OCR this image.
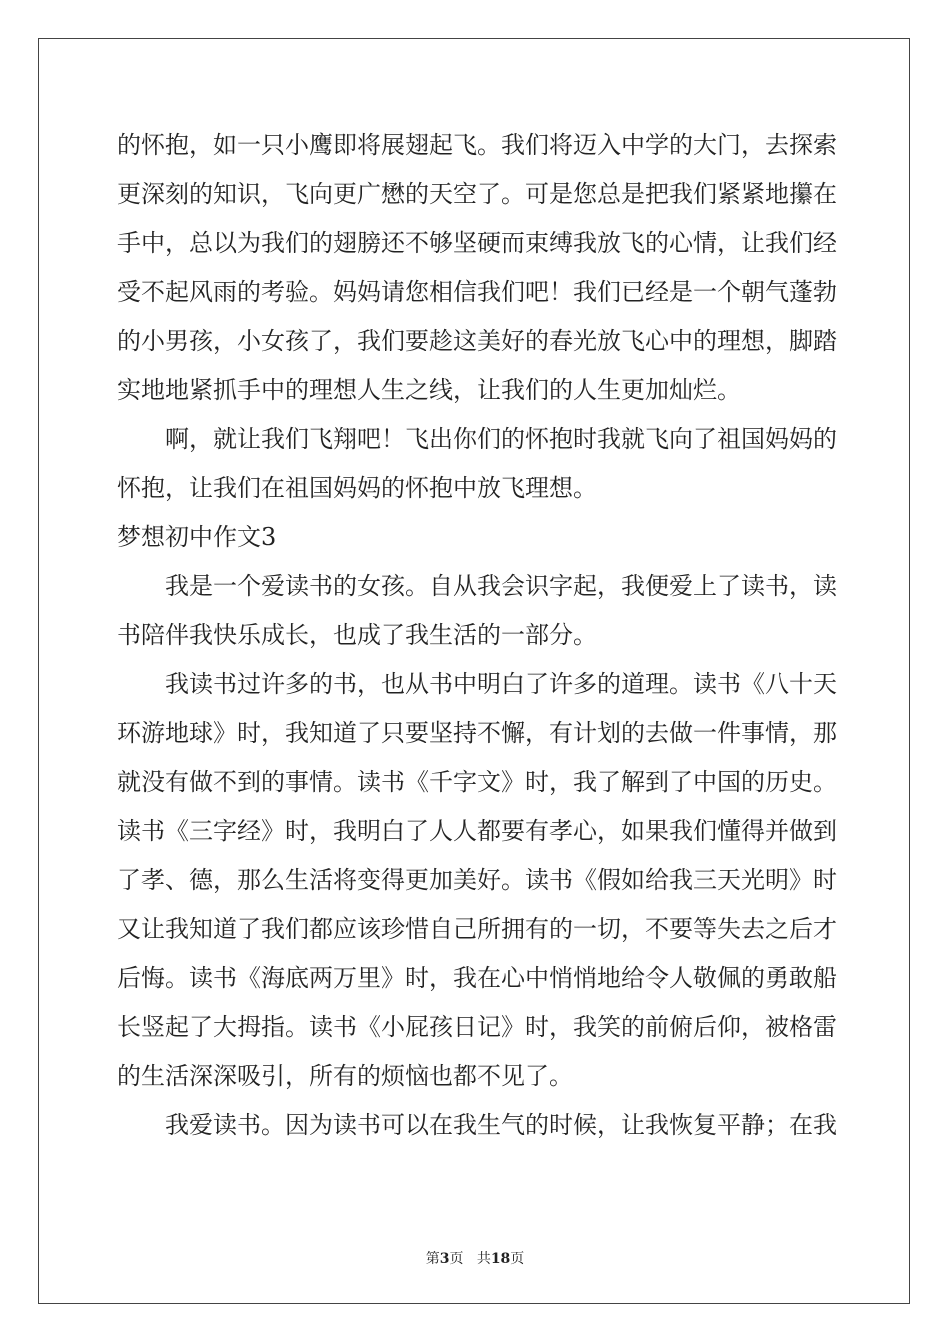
的怀抱，如一只小鹰即将展翅起飞。我们将迈入中学的大门，去探索更深刻的知识，飞向更广懋的天空了。可是您总是把我们紧紧地攥在手中，总以为我们的翅膀还不够坚硬而束缚我放飞的心情，让我们经受不起风雨的考验。妈妈请您相信我们吧！我们已经是一个朝气蓬勃的小男孩，小女孩了，我们要趁这美好的春光放飞心中的理想，脚踏实地地紧抓手中的理想人生之线，让我们的人生更加灿烂。

啊，就让我们飞翔吧！飞出你们的怀抱时我就飞向了祖国妈妈的怀抱，让我们在祖国妈妈的怀抱中放飞理想。

梦想初中作文3

我是一个爱读书的女孩。自从我会识字起，我便爱上了读书，读书陪伴我快乐成长，也成了我生活的一部分。

我读书过许多的书，也从书中明白了许多的道理。读书《八十天环游地球》时，我知道了只要坚持不懈，有计划的去做一件事情，那就没有做不到的事情。读书《千字文》时，我了解到了中国的历史。读书《三字经》时，我明白了人人都要有孝心，如果我们懂得并做到了孝、德，那么生活将变得更加美好。读书《假如给我三天光明》时又让我知道了我们都应该珍惜自己所拥有的一切，不要等失去之后才后悔。读书《海底两万里》时，我在心中悄悄地给令人敬佩的勇敢船长竖起了大拇指。读书《小屁孩日记》时，我笑的前俯后仰，被格雷的生活深深吸引，所有的烦恼也都不见了。

我爱读书。因为读书可以在我生气的时候，让我恢复平静；在我

第3页 共18页
